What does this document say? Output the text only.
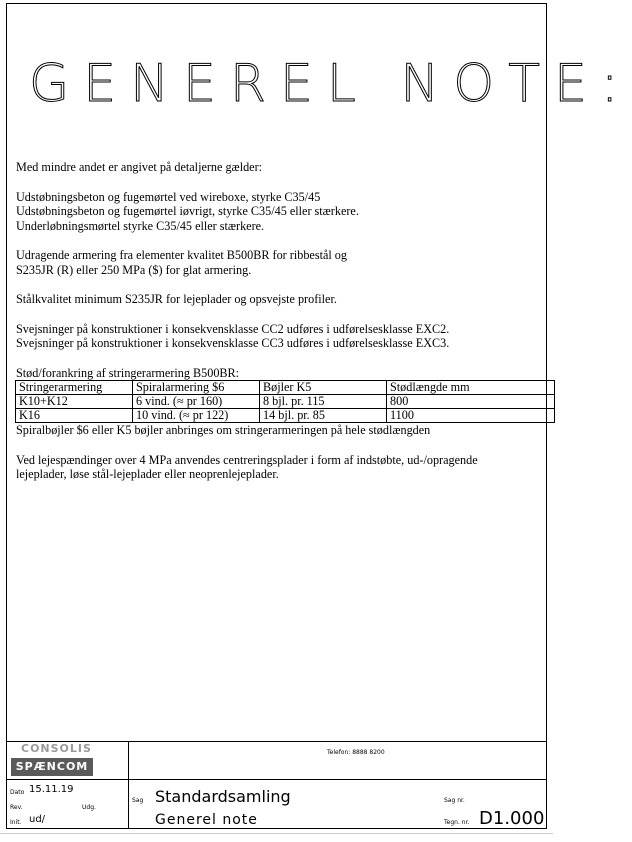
GENEREL NOTE:

Med mindre andet er angivet på detaljerne gælder:

Udstøbningsbeton og fugemørtel ved wireboxe, styrke C35/45

Udstøbningsbeton og fugemørtel iøvrigt, styrke C35/45 eller stærkere.

Underløbningsmørtel styrke C35/45 eller stærkere.

Udragende armering fra elementer kvalitet B500BR for ribbestål og

S235JR (R) eller 250 MPa ($) for glat armering.

Stålkvalitet minimum S235JR for lejeplader og opsvejste profiler.

Svejsninger på konstruktioner i konsekvensklasse CC2 udføres i udførelsesklasse EXC2.

Svejsninger på konstruktioner i konsekvensklasse CC3 udføres i udførelsesklasse EXC3.

Stød/forankring af stringerarmering B500BR:

Stringerarmering	Spiralarmering $6	Bøjler K5	Stødlængde mm
K10+K12	6 vind. (≈ pr 160)	8 bjl. pr. 115	800
K16	10 vind. (≈ pr 122)	14 bjl. pr. 85	1100

Spiralbøjler $6 eller K5 bøjler anbringes om stringerarmeringen på hele stødlængden

Ved lejespændinger over 4 MPa anvendes centreringsplader i form af indstøbte, ud-/opragende

lejeplader, løse stål-lejeplader eller neoprenlejeplader.

CONSOLIS
SPÆNCOM
Telefon: 8888 8200
Dato 15.11.19
Rev.	Udg.
Init. ud/
Sag Standardsamling
Generel note
Sag nr.
Tegn. nr. D1.000
